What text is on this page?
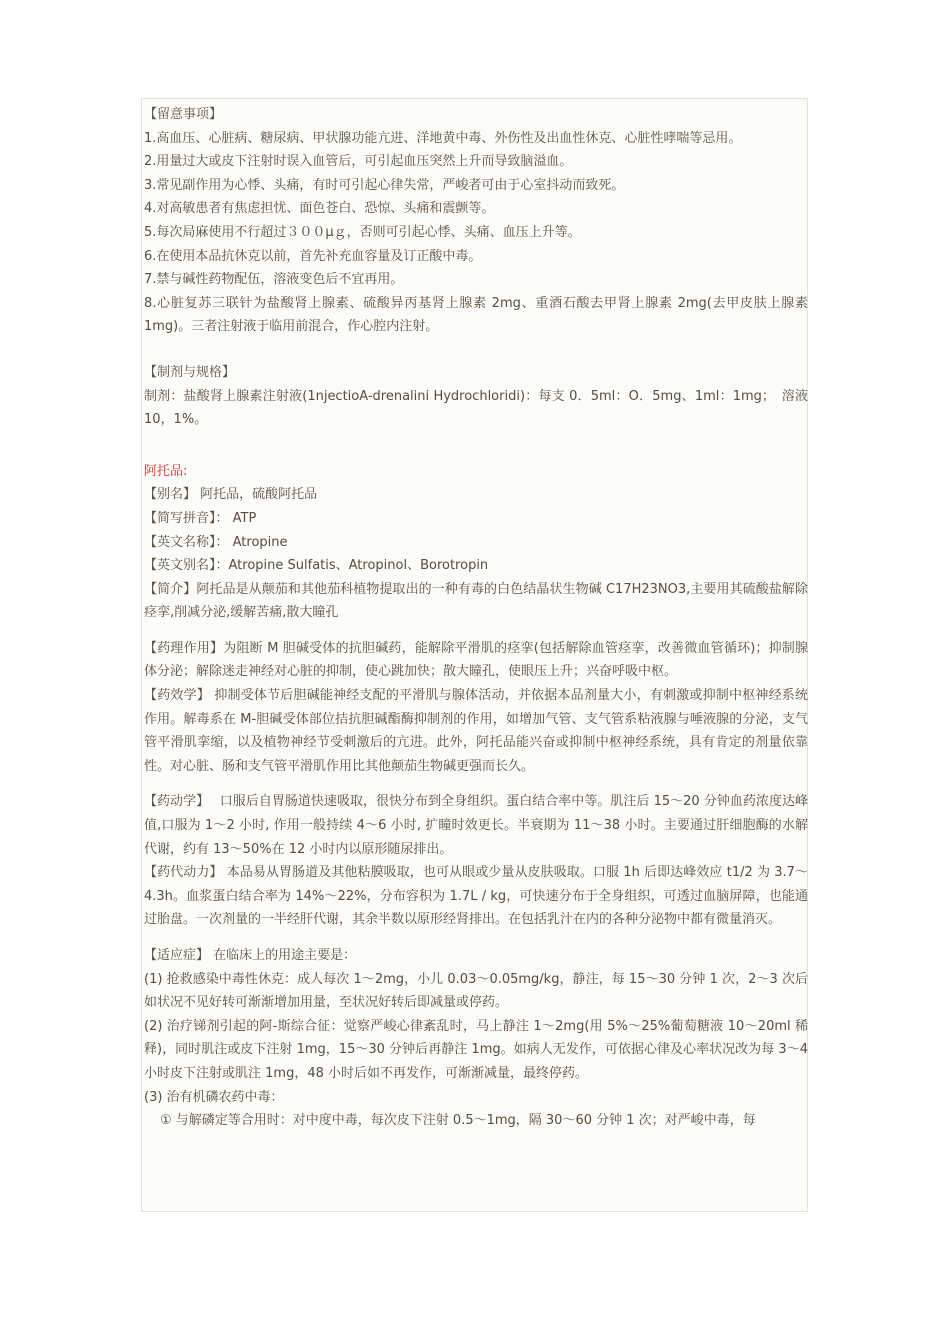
【留意事项】

1.高血压、心脏病、糖尿病、甲状腺功能亢进、洋地黄中毒、外伤性及出血性休克、心脏性哮喘等忌用。

2.用量过大或皮下注射时误入血管后，可引起血压突然上升而导致脑溢血。

3.常见副作用为心悸、头痛，有时可引起心律失常，严峻者可由于心室抖动而致死。

4.对高敏患者有焦虑担忧、面色苍白、恐惊、头痛和震颤等。

5.每次局麻使用不行超过３００μｇ，否则可引起心悸、头痛、血压上升等。

6.在使用本品抗休克以前，首先补充血容量及订正酸中毒。

7.禁与碱性药物配伍，溶液变色后不宜再用。

8.心脏复苏三联针为盐酸肾上腺素、硫酸异丙基肾上腺素 2mg、重酒石酸去甲肾上腺素 2mg(去甲皮肤上腺素 1mg)。三者注射液于临用前混合，作心腔内注射。

【制剂与规格】

制剂：盐酸肾上腺素注射液(1njectioA-drenalini Hydrochloridi)：每支 0．5ml：O．5mg、1ml：1mg；　溶液 10，1%。

阿托品:

【别名】 阿托品，硫酸阿托品

【简写拼音】： ATP

【英文名称】： Atropine

【英文别名】：Atropine Sulfatis、Atropinol、Borotropin

【简介】阿托品是从颠茄和其他茄科植物提取出的一种有毒的白色结晶状生物碱 C17H23NO3,主要用其硫酸盐解除痉挛,削减分泌,缓解苦痛,散大瞳孔

【药理作用】为阻断 M 胆碱受体的抗胆碱药，能解除平滑肌的痉挛(包括解除血管痉挛，改善微血管循环)；抑制腺体分泌；解除迷走神经对心脏的抑制，使心跳加快；散大瞳孔，使眼压上升；兴奋呼吸中枢。

【药效学】 抑制受体节后胆碱能神经支配的平滑肌与腺体活动，并依据本品剂量大小，有刺激或抑制中枢神经系统作用。解毒系在 M-胆碱受体部位拮抗胆碱酯酶抑制剂的作用，如增加气管、支气管系粘液腺与唾液腺的分泌，支气管平滑肌挛缩，以及植物神经节受刺激后的亢进。此外，阿托品能兴奋或抑制中枢神经系统，具有肯定的剂量依靠性。对心脏、肠和支气管平滑肌作用比其他颠茄生物碱更强而长久。

【药动学】　 口服后自胃肠道快速吸取，很快分布到全身组织。蛋白结合率中等。肌注后 15～20 分钟血药浓度达峰值,口服为 1～2 小时, 作用一般持续 4～6 小时, 扩瞳时效更长。半衰期为 11～38 小时。主要通过肝细胞酶的水解代谢，约有 13～50%在 12 小时内以原形随尿排出。

【药代动力】 本品易从胃肠道及其他粘膜吸取，也可从眼或少量从皮肤吸取。口服 1h 后即达峰效应 t1/2 为 3.7～4.3h。血浆蛋白结合率为 14%～22%，分布容积为 1.7L / kg，可快速分布于全身组织，可透过血脑屏障，也能通过胎盘。一次剂量的一半经肝代谢，其余半数以原形经肾排出。在包括乳汁在内的各种分泌物中都有微量消灭。

【适应症】 在临床上的用途主要是：

(1) 抢救感染中毒性休克：成人每次 1～2mg，小儿 0.03～0.05mg/kg，静注，每 15～30 分钟 1 次，2～3 次后如状况不见好转可渐渐增加用量，至状况好转后即减量或停药。

(2) 治疗锑剂引起的阿-斯综合征：觉察严峻心律紊乱时，马上静注 1～2mg(用 5%～25%葡萄糖液 10～20ml 稀释)，同时肌注或皮下注射 1mg，15～30 分钟后再静注 1mg。如病人无发作，可依据心律及心率状况改为每 3～4 小时皮下注射或肌注 1mg，48 小时后如不再发作，可渐渐减量，最终停药。

(3) 治有机磷农药中毒：

① 与解磷定等合用时：对中度中毒，每次皮下注射 0.5～1mg，隔 30～60 分钟 1 次；对严峻中毒，每
